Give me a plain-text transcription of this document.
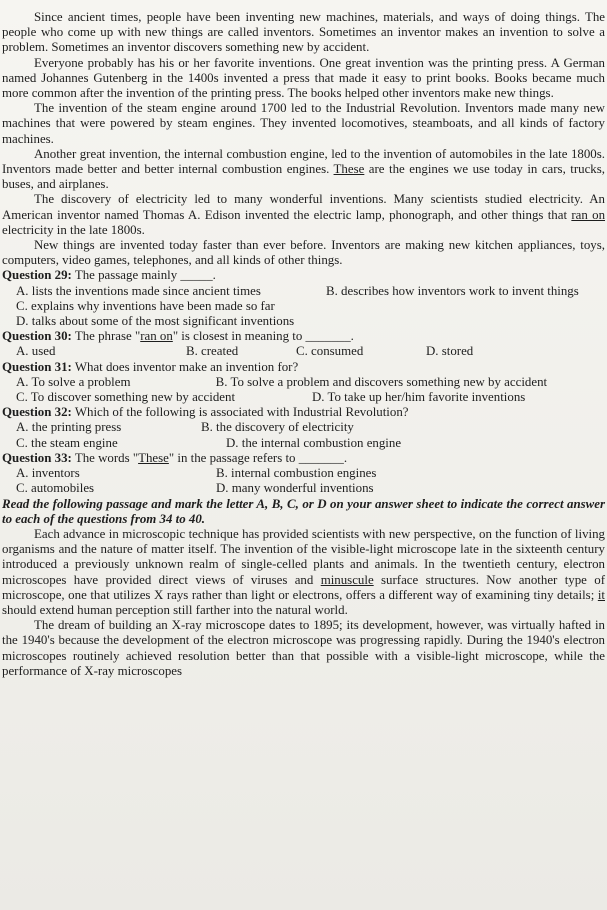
Since ancient times, people have been inventing new machines, materials, and ways of doing things. The people who come up with new things are called inventors. Sometimes an inventor makes an invention to solve a problem. Sometimes an inventor discovers something new by accident.

Everyone probably has his or her favorite inventions. One great invention was the printing press. A German named Johannes Gutenberg in the 1400s invented a press that made it easy to print books. Books became much more common after the invention of the printing press. The books helped other inventors make new things.

The invention of the steam engine around 1700 led to the Industrial Revolution. Inventors made many new machines that were powered by steam engines. They invented locomotives, steamboats, and all kinds of factory machines.

Another great invention, the internal combustion engine, led to the invention of automobiles in the late 1800s. Inventors made better and better internal combustion engines. These are the engines we use today in cars, trucks, buses, and airplanes.

The discovery of electricity led to many wonderful inventions. Many scientists studied electricity. An American inventor named Thomas A. Edison invented the electric lamp, phonograph, and other things that ran on electricity in the late 1800s.

New things are invented today faster than ever before. Inventors are making new kitchen appliances, toys, computers, video games, telephones, and all kinds of other things.

Question 29: The passage mainly _____.

A. lists the inventions made since ancient times	B. describes how inventors work to invent things

C. explains why inventions have been made so far

D. talks about some of the most significant inventions

Question 30: The phrase "ran on" is closest in meaning to _______.

A. used	B. created	C. consumed	D. stored

Question 31: What does inventor make an invention for?

A. To solve a problem	B. To solve a problem and discovers something new by accident
C. To discover something new by accident	D. To take up her/him favorite inventions

Question 32: Which of the following is associated with Industrial Revolution?

A. the printing press	B. the discovery of electricity
C. the steam engine	D. the internal combustion engine

Question 33: The words "These" in the passage refers to _______.

A. inventors	B. internal combustion engines
C. automobiles	D. many wonderful inventions

Read the following passage and mark the letter A, B, C, or D on your answer sheet to indicate the correct answer to each of the questions from 34 to 40.

Each advance in microscopic technique has provided scientists with new perspective, on the function of living organisms and the nature of matter itself. The invention of the visible-light microscope late in the sixteenth century introduced a previously unknown realm of single-celled plants and animals. In the twentieth century, electron microscopes have provided direct views of viruses and minuscule surface structures. Now another type of microscope, one that utilizes X rays rather than light or electrons, offers a different way of examining tiny details; it should extend human perception still farther into the natural world.

The dream of building an X-ray microscope dates to 1895; its development, however, was virtually hafted in the 1940's because the development of the electron microscope was progressing rapidly. During the 1940's electron microscopes routinely achieved resolution better than that possible with a visible-light microscope, while the performance of X-ray microscopes
